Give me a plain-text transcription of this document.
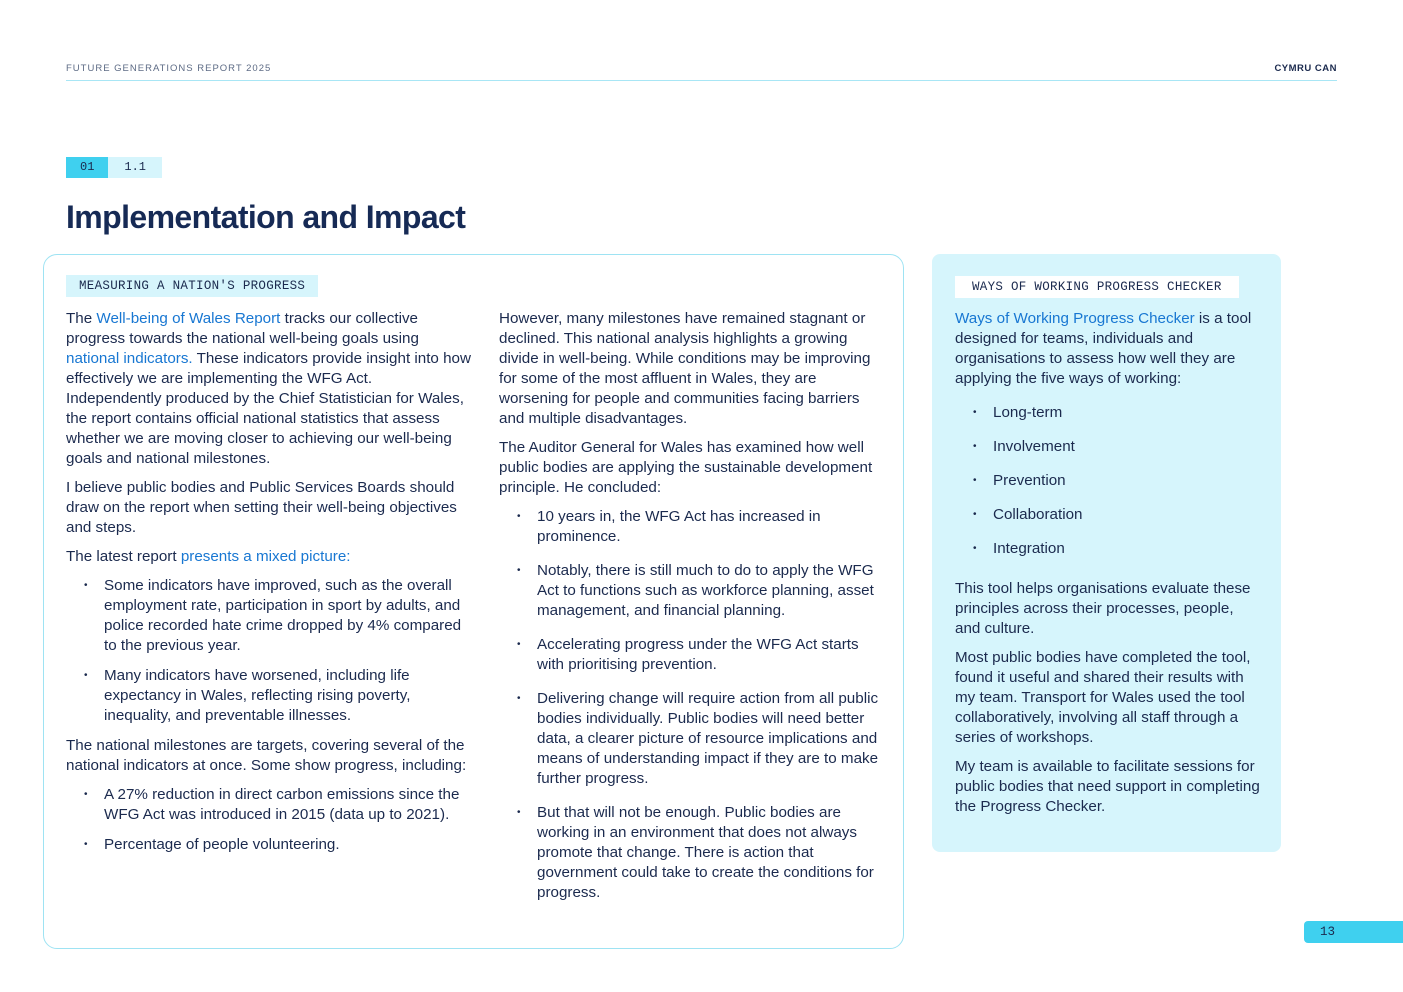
FUTURE GENERATIONS REPORT 2025	CYMRU CAN
01	1.1
Implementation and Impact
MEASURING A NATION'S PROGRESS	WAYS OF WORKING PROGRESS CHECKER

The Well-being of Wales Report tracks our collective progress towards the national well-being goals using national indicators. These indicators provide insight into how effectively we are implementing the WFG Act. Independently produced by the Chief Statistician for Wales, the report contains official national statistics that assess whether we are moving closer to achieving our well-being goals and national milestones.

I believe public bodies and Public Services Boards should draw on the report when setting their well-being objectives and steps.

The latest report presents a mixed picture:

• Some indicators have improved, such as the overall employment rate, participation in sport by adults, and police recorded hate crime dropped by 4% compared to the previous year.
• Many indicators have worsened, including life expectancy in Wales, reflecting rising poverty, inequality, and preventable illnesses.

The national milestones are targets, covering several of the national indicators at once. Some show progress, including:

• A 27% reduction in direct carbon emissions since the WFG Act was introduced in 2015 (data up to 2021).
• Percentage of people volunteering.

However, many milestones have remained stagnant or declined. This national analysis highlights a growing divide in well-being. While conditions may be improving for some of the most affluent in Wales, they are worsening for people and communities facing barriers and multiple disadvantages.

The Auditor General for Wales has examined how well public bodies are applying the sustainable development principle. He concluded:

• 10 years in, the WFG Act has increased in prominence.
• Notably, there is still much to do to apply the WFG Act to functions such as workforce planning, asset management, and financial planning.
• Accelerating progress under the WFG Act starts with prioritising prevention.
• Delivering change will require action from all public bodies individually. Public bodies will need better data, a clearer picture of resource implications and means of understanding impact if they are to make further progress.
• But that will not be enough. Public bodies are working in an environment that does not always promote that change. There is action that government could take to create the conditions for progress.

Ways of Working Progress Checker is a tool designed for teams, individuals and organisations to assess how well they are applying the five ways of working:

• Long-term
• Involvement
• Prevention
• Collaboration
• Integration

This tool helps organisations evaluate these principles across their processes, people, and culture.

Most public bodies have completed the tool, found it useful and shared their results with my team. Transport for Wales used the tool collaboratively, involving all staff through a series of workshops.

My team is available to facilitate sessions for public bodies that need support in completing the Progress Checker.

13
